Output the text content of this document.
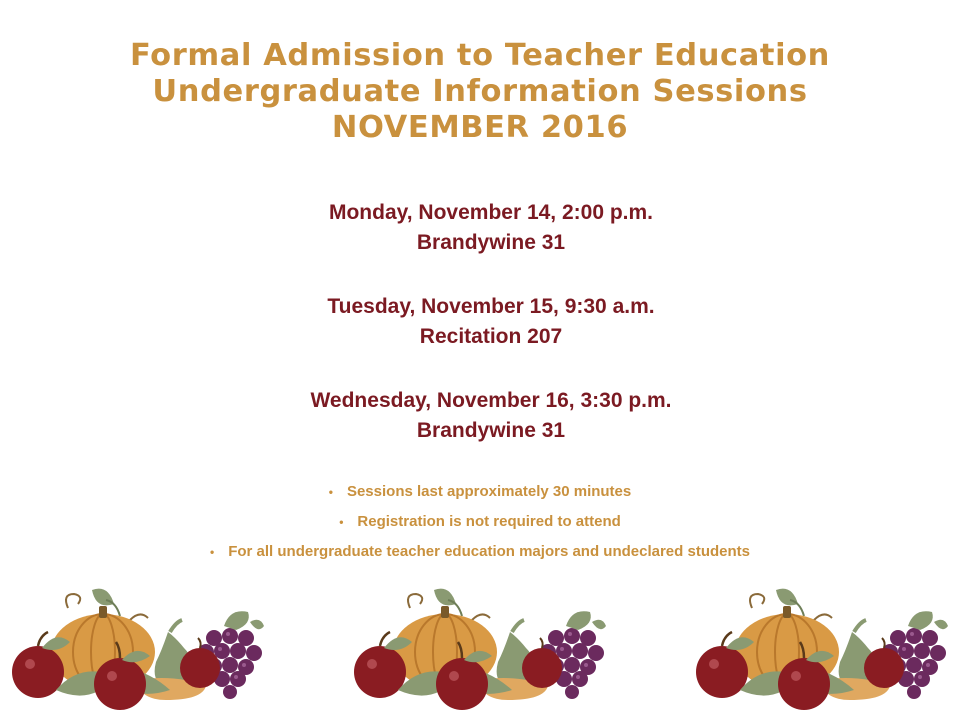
Formal Admission to Teacher Education
Undergraduate Information Sessions
NOVEMBER 2016
Monday, November 14, 2:00 p.m.
Brandywine 31
Tuesday, November 15, 9:30 a.m.
Recitation 207
Wednesday, November 16, 3:30 p.m.
Brandywine 31
• Sessions last approximately 30 minutes
• Registration is not required to attend
• For all undergraduate teacher education majors and undeclared students
